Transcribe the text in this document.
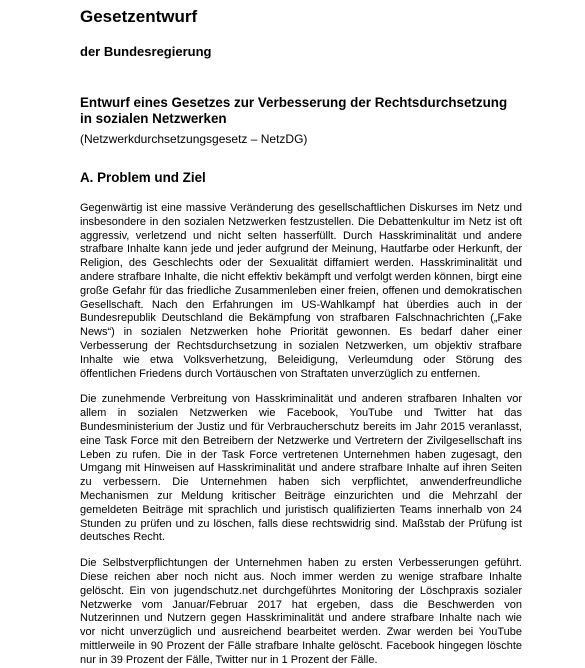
Gesetzentwurf
der Bundesregierung
Entwurf eines Gesetzes zur Verbesserung der Rechtsdurchsetzung in sozialen Netzwerken

(Netzwerkdurchsetzungsgesetz – NetzDG)

A. Problem und Ziel

Gegenwärtig ist eine massive Veränderung des gesellschaftlichen Diskurses im Netz und insbesondere in den sozialen Netzwerken festzustellen. Die Debattenkultur im Netz ist oft aggressiv, verletzend und nicht selten hasserfüllt. Durch Hasskriminalität und andere strafbare Inhalte kann jede und jeder aufgrund der Meinung, Hautfarbe oder Herkunft, der Religion, des Geschlechts oder der Sexualität diffamiert werden. Hasskriminalität und andere strafbare Inhalte, die nicht effektiv bekämpft und verfolgt werden können, birgt eine große Gefahr für das friedliche Zusammenleben einer freien, offenen und demokratischen Gesellschaft. Nach den Erfahrungen im US-Wahlkampf hat überdies auch in der Bundesrepublik Deutschland die Bekämpfung von strafbaren Falschnachrichten („Fake News“) in sozialen Netzwerken hohe Priorität gewonnen. Es bedarf daher einer Verbesserung der Rechtsdurchsetzung in sozialen Netzwerken, um objektiv strafbare Inhalte wie etwa Volksverhetzung, Beleidigung, Verleumdung oder Störung des öffentlichen Friedens durch Vortäuschen von Straftaten unverzüglich zu entfernen.

Die zunehmende Verbreitung von Hasskriminalität und anderen strafbaren Inhalten vor allem in sozialen Netzwerken wie Facebook, YouTube und Twitter hat das Bundesministerium der Justiz und für Verbraucherschutz bereits im Jahr 2015 veranlasst, eine Task Force mit den Betreibern der Netzwerke und Vertretern der Zivilgesellschaft ins Leben zu rufen. Die in der Task Force vertretenen Unternehmen haben zugesagt, den Umgang mit Hinweisen auf Hasskriminalität und andere strafbare Inhalte auf ihren Seiten zu verbessern. Die Unternehmen haben sich verpflichtet, anwenderfreundliche Mechanismen zur Meldung kritischer Beiträge einzurichten und die Mehrzahl der gemeldeten Beiträge mit sprachlich und juristisch qualifizierten Teams innerhalb von 24 Stunden zu prüfen und zu löschen, falls diese rechtswidrig sind. Maßstab der Prüfung ist deutsches Recht.

Die Selbstverpflichtungen der Unternehmen haben zu ersten Verbesserungen geführt. Diese reichen aber noch nicht aus. Noch immer werden zu wenige strafbare Inhalte gelöscht. Ein von jugendschutz.net durchgeführtes Monitoring der Löschpraxis sozialer Netzwerke vom Januar/Februar 2017 hat ergeben, dass die Beschwerden von Nutzerinnen und Nutzern gegen Hasskriminalität und andere strafbare Inhalte nach wie vor nicht unverzüglich und ausreichend bearbeitet werden. Zwar werden bei YouTube mittlerweile in 90 Prozent der Fälle strafbare Inhalte gelöscht. Facebook hingegen löschte nur in 39 Prozent der Fälle, Twitter nur in 1 Prozent der Fälle.
